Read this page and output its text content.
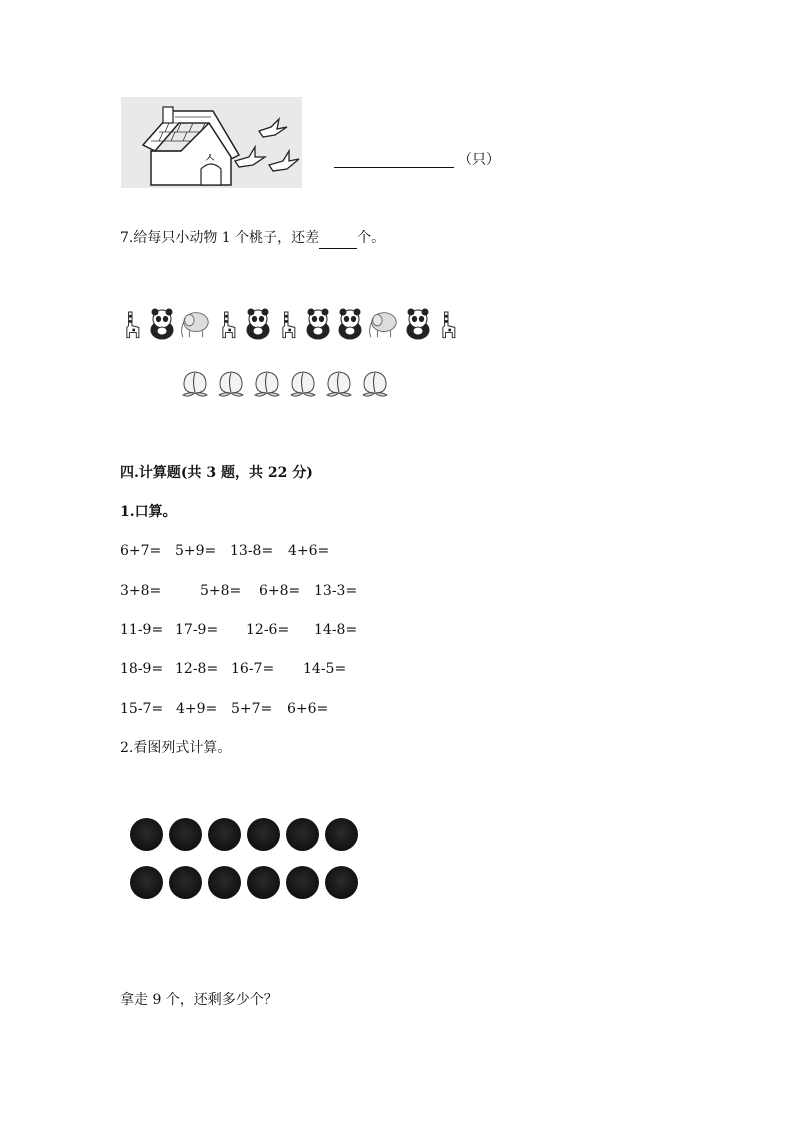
ㅅ	（只）
7.给每只小动物 1 个桃子，还差	个。
四.计算题(共 3 题，共 22 分)
1.口算。
6+7= 5+9= 13-8= 4+6=
3+8=	5+8= 6+8= 13-3=
11-9= 17-9= 12-6= 14-8=
18-9= 12-8= 16-7= 14-5=
15-7= 4+9= 5+7= 6+6=
2.看图列式计算。
拿走 9 个，还剩多少个？
